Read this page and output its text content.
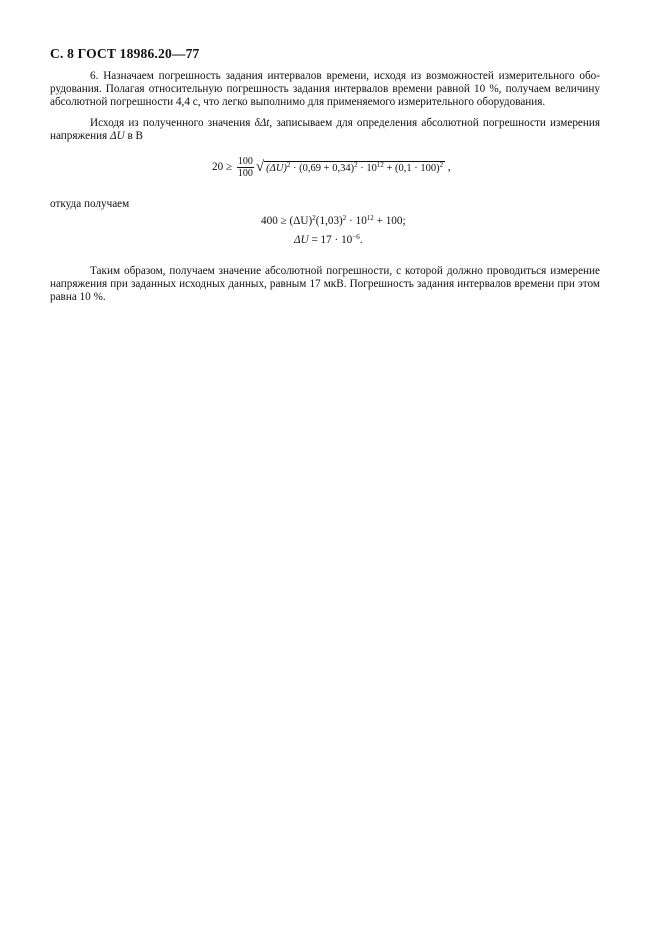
С. 8 ГОСТ 18986.20—77

6. Назначаем погрешность задания интервалов времени, исходя из возможностей измерительного обо- рудования. Полагая относительную погрешность задания интервалов времени равной 10 %, получаем величину абсолютной погрешности 4,4 с, что легко выполнимо для применяемого измерительного оборудования.

Исходя из полученного значения δΔt, записываем для определения абсолютной погрешности измерения напряжения ΔU в В

$20 \ge \frac{100}{100}$ √ $(\Delta U)^2 \cdot (0,69 + 0,34)^2 \cdot 10^{12} + (0,1 \cdot 100)^2$ ,

откуда получаем

$400 \ge (\Delta U)^2(1,03)^2 \cdot 10^{12} + 100$;
$\Delta U = 17 \cdot 10^{-6}$.

Таким образом, получаем значение абсолютной погрешности, с которой должно проводиться измерение напряжения при заданных исходных данных, равным 17 мкВ. Погрешность задания интервалов времени при этом равна 10 %.
